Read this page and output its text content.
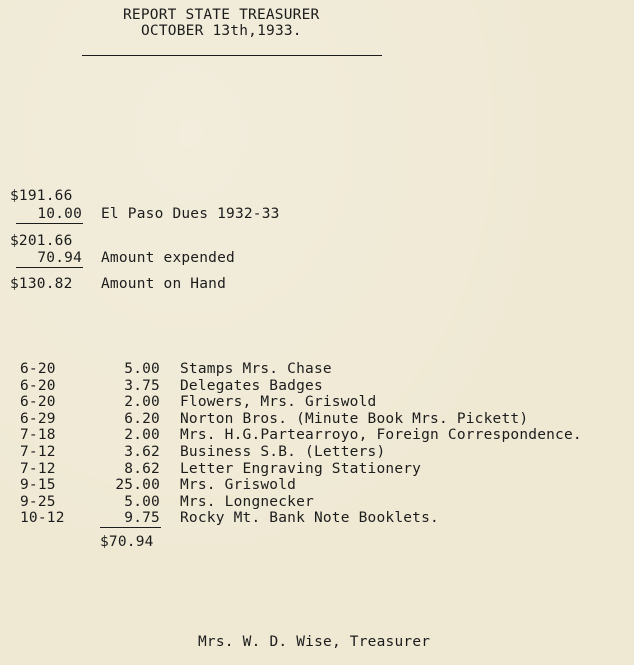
REPORT STATE TREASURER
OCTOBER 13th,1933.
$191.66
10.00 El Paso Dues 1932-33
$201.66
70.94 Amount expended
$130.82 Amount on Hand
6-20	5.00 Stamps Mrs. Chase
6-20	3.75 Delegates Badges
6-20	2.00 Flowers, Mrs. Griswold
6-29	6.20 Norton Bros. (Minute Book Mrs. Pickett)
7-18	2.00 Mrs. H.G.Partearroyo, Foreign Correspondence.
7-12	3.62 Business S.B. (Letters)
7-12	8.62 Letter Engraving Stationery
9-15	25.00 Mrs. Griswold
9-25	5.00 Mrs. Longnecker
10-12	9.75 Rocky Mt. Bank Note Booklets.
$70.94
Mrs. W. D. Wise, Treasurer
